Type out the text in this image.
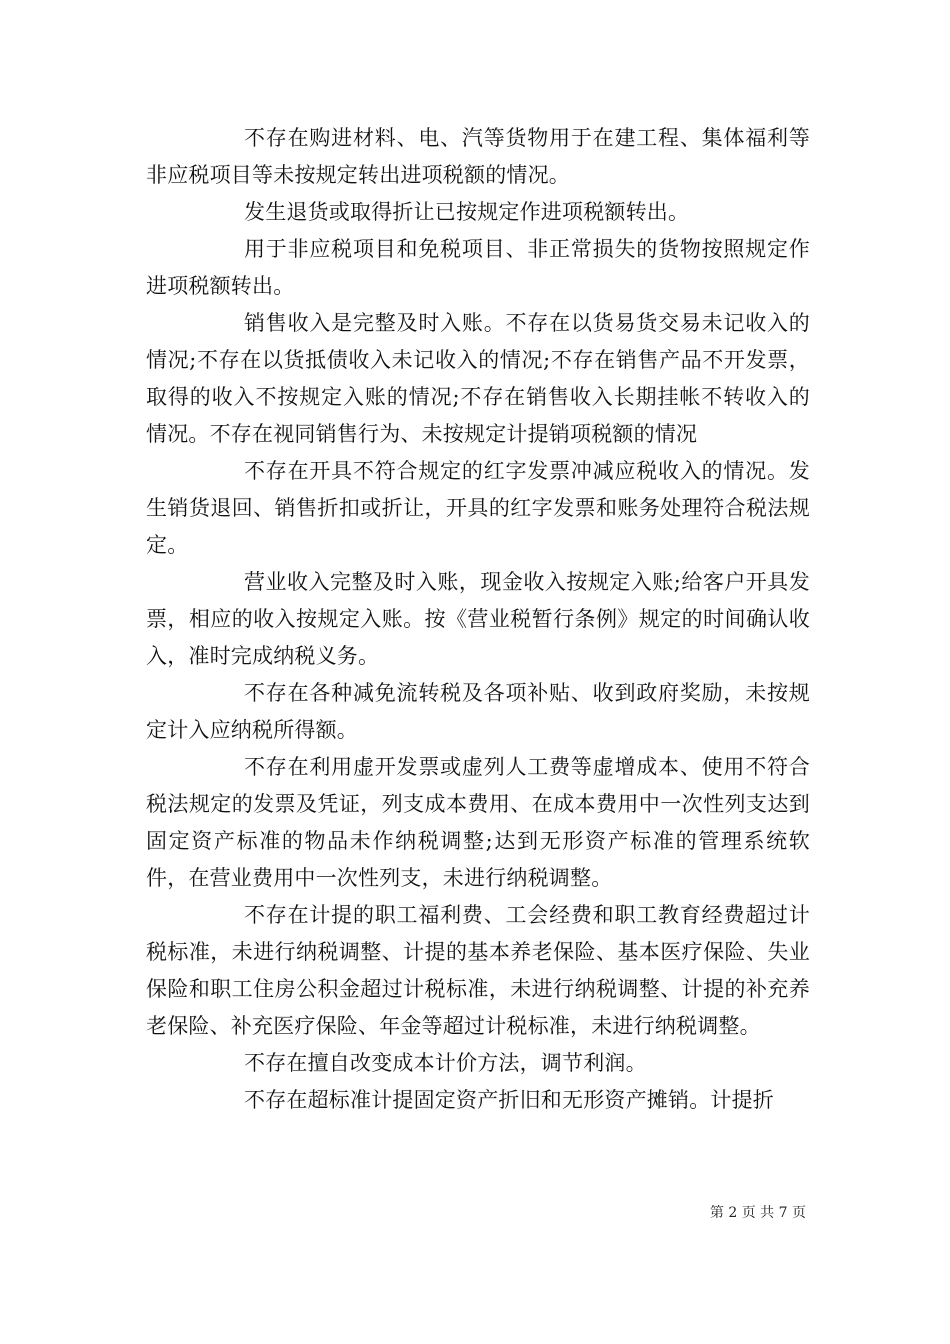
不存在购进材料、电、汽等货物用于在建工程、集体福利等非应税项目等未按规定转出进项税额的情况。

发生退货或取得折让已按规定作进项税额转出。

用于非应税项目和免税项目、非正常损失的货物按照规定作进项税额转出。

销售收入是完整及时入账。不存在以货易货交易未记收入的情况;不存在以货抵债收入未记收入的情况;不存在销售产品不开发票，取得的收入不按规定入账的情况;不存在销售收入长期挂帐不转收入的情况。不存在视同销售行为、未按规定计提销项税额的情况

不存在开具不符合规定的红字发票冲减应税收入的情况。发生销货退回、销售折扣或折让，开具的红字发票和账务处理符合税法规定。

营业收入完整及时入账，现金收入按规定入账;给客户开具发票，相应的收入按规定入账。按《营业税暂行条例》规定的时间确认收入，准时完成纳税义务。

不存在各种减免流转税及各项补贴、收到政府奖励，未按规定计入应纳税所得额。

不存在利用虚开发票或虚列人工费等虚增成本、使用不符合税法规定的发票及凭证，列支成本费用、在成本费用中一次性列支达到固定资产标准的物品未作纳税调整;达到无形资产标准的管理系统软件，在营业费用中一次性列支，未进行纳税调整。

不存在计提的职工福利费、工会经费和职工教育经费超过计税标准，未进行纳税调整、计提的基本养老保险、基本医疗保险、失业保险和职工住房公积金超过计税标准，未进行纳税调整、计提的补充养老保险、补充医疗保险、年金等超过计税标准，未进行纳税调整。

不存在擅自改变成本计价方法，调节利润。

不存在超标准计提固定资产折旧和无形资产摊销。计提折

第 2 页 共 7 页
